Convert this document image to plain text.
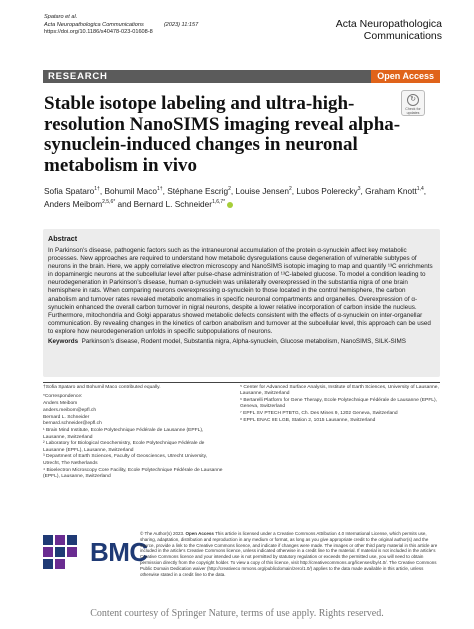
Spataro et al.
Acta Neuropathologica Communications	(2023) 11:157
https://doi.org/10.1186/s40478-023-01608-8
Acta Neuropathologica
Communications
RESEARCH	Open Access
↻
Check for
updates
Stable isotope labeling and ultra-high-resolution NanoSIMS imaging reveal alpha-synuclein-induced changes in neuronal metabolism in vivo
Sofia Spataro$^{1\dagger}$, Bohumil Maco$^{1\dagger}$, Stéphane Escrig$^2$, Louise Jensen$^2$, Lubos Polerecky$^3$, Graham Knott$^{1,4}$, Anders Meibom$^{2,5,6*}$ and Bernard L. Schneider$^{1,6,7*}$
Abstract

In Parkinson’s disease, pathogenic factors such as the intraneuronal accumulation of the protein α-synuclein affect key metabolic processes. New approaches are required to understand how metabolic dysregulations cause degeneration of vulnerable subtypes of neurons in the brain. Here, we apply correlative electron microscopy and NanoSIMS isotopic imaging to map and quantify ¹³C enrichments in dopaminergic neurons at the subcellular level after pulse-chase administration of ¹³C-labeled glucose. To model a condition leading to neurodegeneration in Parkinson’s disease, human α-synuclein was unilaterally overexpressed in the substantia nigra of one brain hemisphere in rats. When comparing neurons overexpressing α-synuclein to those located in the control hemisphere, the carbon anabolism and turnover rates revealed metabolic anomalies in specific neuronal compartments and organelles. Overexpression of α-synuclein enhanced the overall carbon turnover in nigral neurons, despite a lower relative incorporation of carbon inside the nucleus. Furthermore, mitochondria and Golgi apparatus showed metabolic defects consistent with the effects of α-synuclein on inter-organellar communication. By revealing changes in the kinetics of carbon anabolism and turnover at the subcellular level, this approach can be used to explore how neurodegeneration unfolds in specific subpopulations of neurons.

Keywords Parkinson’s disease, Rodent model, Substantia nigra, Alpha-synuclein, Glucose metabolism, NanoSIMS, SILK-SIMS

†Sofia Spataro and Bohumil Maco contributed equally.

*Correspondence:

Anders Meibom

anders.meibom@epfl.ch

Bernard L. Schneider

bernard.schneider@epfl.ch

¹ Brain Mind Institute, Ecole Polytechnique Fédérale de Lausanne (EPFL), Lausanne, Switzerland

² Laboratory for Biological Geochemistry, Ecole Polytechnique Fédérale de Lausanne (EPFL), Lausanne, Switzerland

³ Department of Earth Sciences, Faculty of Geosciences, Utrecht University, Utrecht, The Netherlands

⁴ Bioelectron Microscopy Core Facility, Ecole Polytechnique Fédérale de Lausanne (EPFL), Lausanne, Switzerland

⁵ Center for Advanced Surface Analysis, Institute of Earth Sciences, University of Lausanne, Lausanne, Switzerland

⁶ Bertarelli Platform for Gene Therapy, Ecole Polytechnique Fédérale de Lausanne (EPFL), Geneva, Switzerland

⁷ EPFL SV PTECH PTBTG, Ch. Des Mines 9, 1202 Geneva, Switzerland

⁸ EPFL ENAC IIE LGB, Station 2, 1015 Lausanne, Switzerland

BMC
© The Author(s) 2023. Open Access This article is licensed under a Creative Commons Attribution 4.0 International License, which permits use, sharing, adaptation, distribution and reproduction in any medium or format, as long as you give appropriate credit to the original author(s) and the source, provide a link to the Creative Commons licence, and indicate if changes were made. The images or other third party material in this article are included in the article’s Creative Commons licence, unless indicated otherwise in a credit line to the material. If material is not included in the article’s Creative Commons licence and your intended use is not permitted by statutory regulation or exceeds the permitted use, you will need to obtain permission directly from the copyright holder. To view a copy of this licence, visit http://creativecommons.org/licenses/by/4.0/. The Creative Commons Public Domain Dedication waiver (http://creativeco mmons.org/publicdomain/zero/1.0/) applies to the data made available in this article, unless otherwise stated in a credit line to the data.
Content courtesy of Springer Nature, terms of use apply. Rights reserved.
